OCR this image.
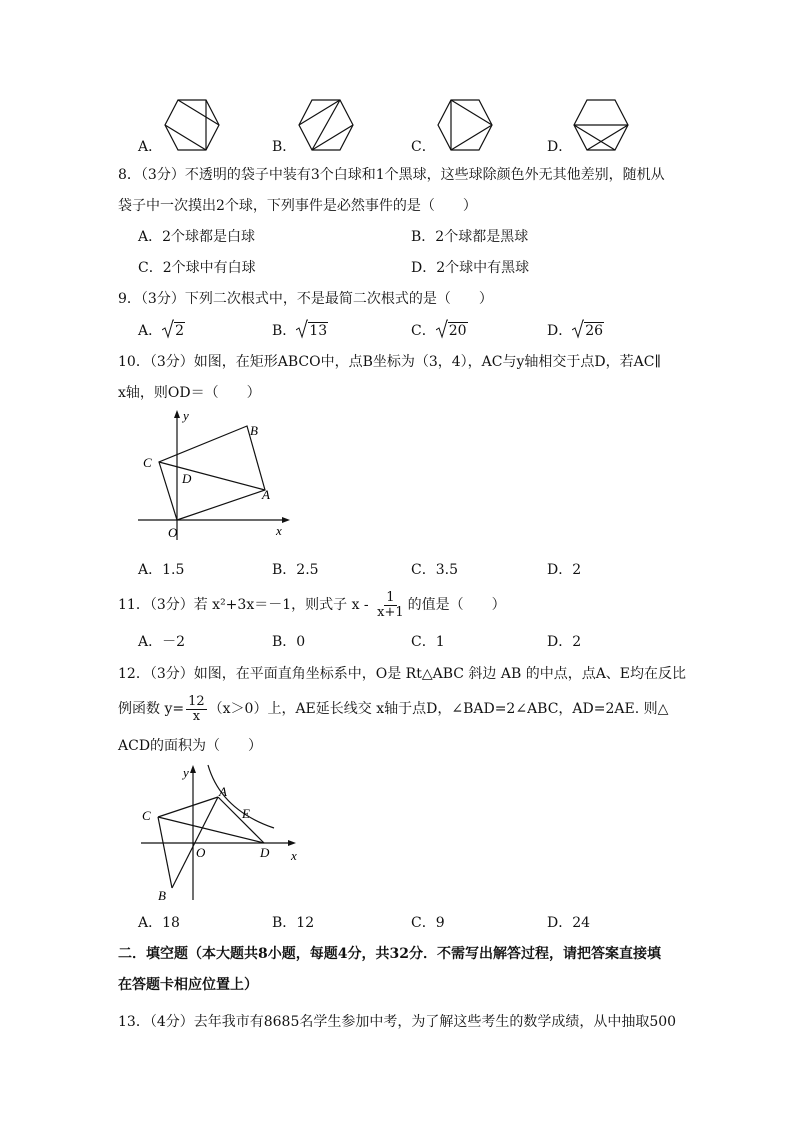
A．	B．	C．	D．
8．（3分）不透明的袋子中装有3个白球和1个黑球，这些球除颜色外无其他差别，随机从
袋子中一次摸出2个球，下列事件是必然事件的是（　　）
A．2个球都是白球	B．2个球都是黑球
C．2个球中有白球	D．2个球中有黑球
9．（3分）下列二次根式中，不是最简二次根式的是（　　）
A． 2	B． 13	C． 20	D． 26
10．（3分）如图，在矩形ABCO中，点B坐标为（3，4），AC与y轴相交于点D，若AC∥
x轴，则OD＝（　　）
y
x
B
C
D
A
O
A．1.5	B．2.5	C．3.5	D．2
11．（3分）若 x²+3x＝－1，则式子 x - $\frac{1}{x+1}$ 的值是（　　）
A．－2	B．0	C．1	D．2
12．（3分）如图，在平面直角坐标系中，O是 Rt△ABC 斜边 AB 的中点，点A、E均在反比
例函数 $y= \frac{12}{x} (x>0)$上，AE延长线交 x轴于点D，∠BAD=2∠ABC，AD=2AE. 则△
ACD的面积为（　　）
y
x
A
E
C
O	D
B
A．18	B．12	C．9	D．24
二．填空题（本大题共8小题，每题4分，共32分．不需写出解答过程，请把答案直接填
在答题卡相应位置上）
13．（4分）去年我市有8685名学生参加中考，为了解这些考生的数学成绩，从中抽取500
